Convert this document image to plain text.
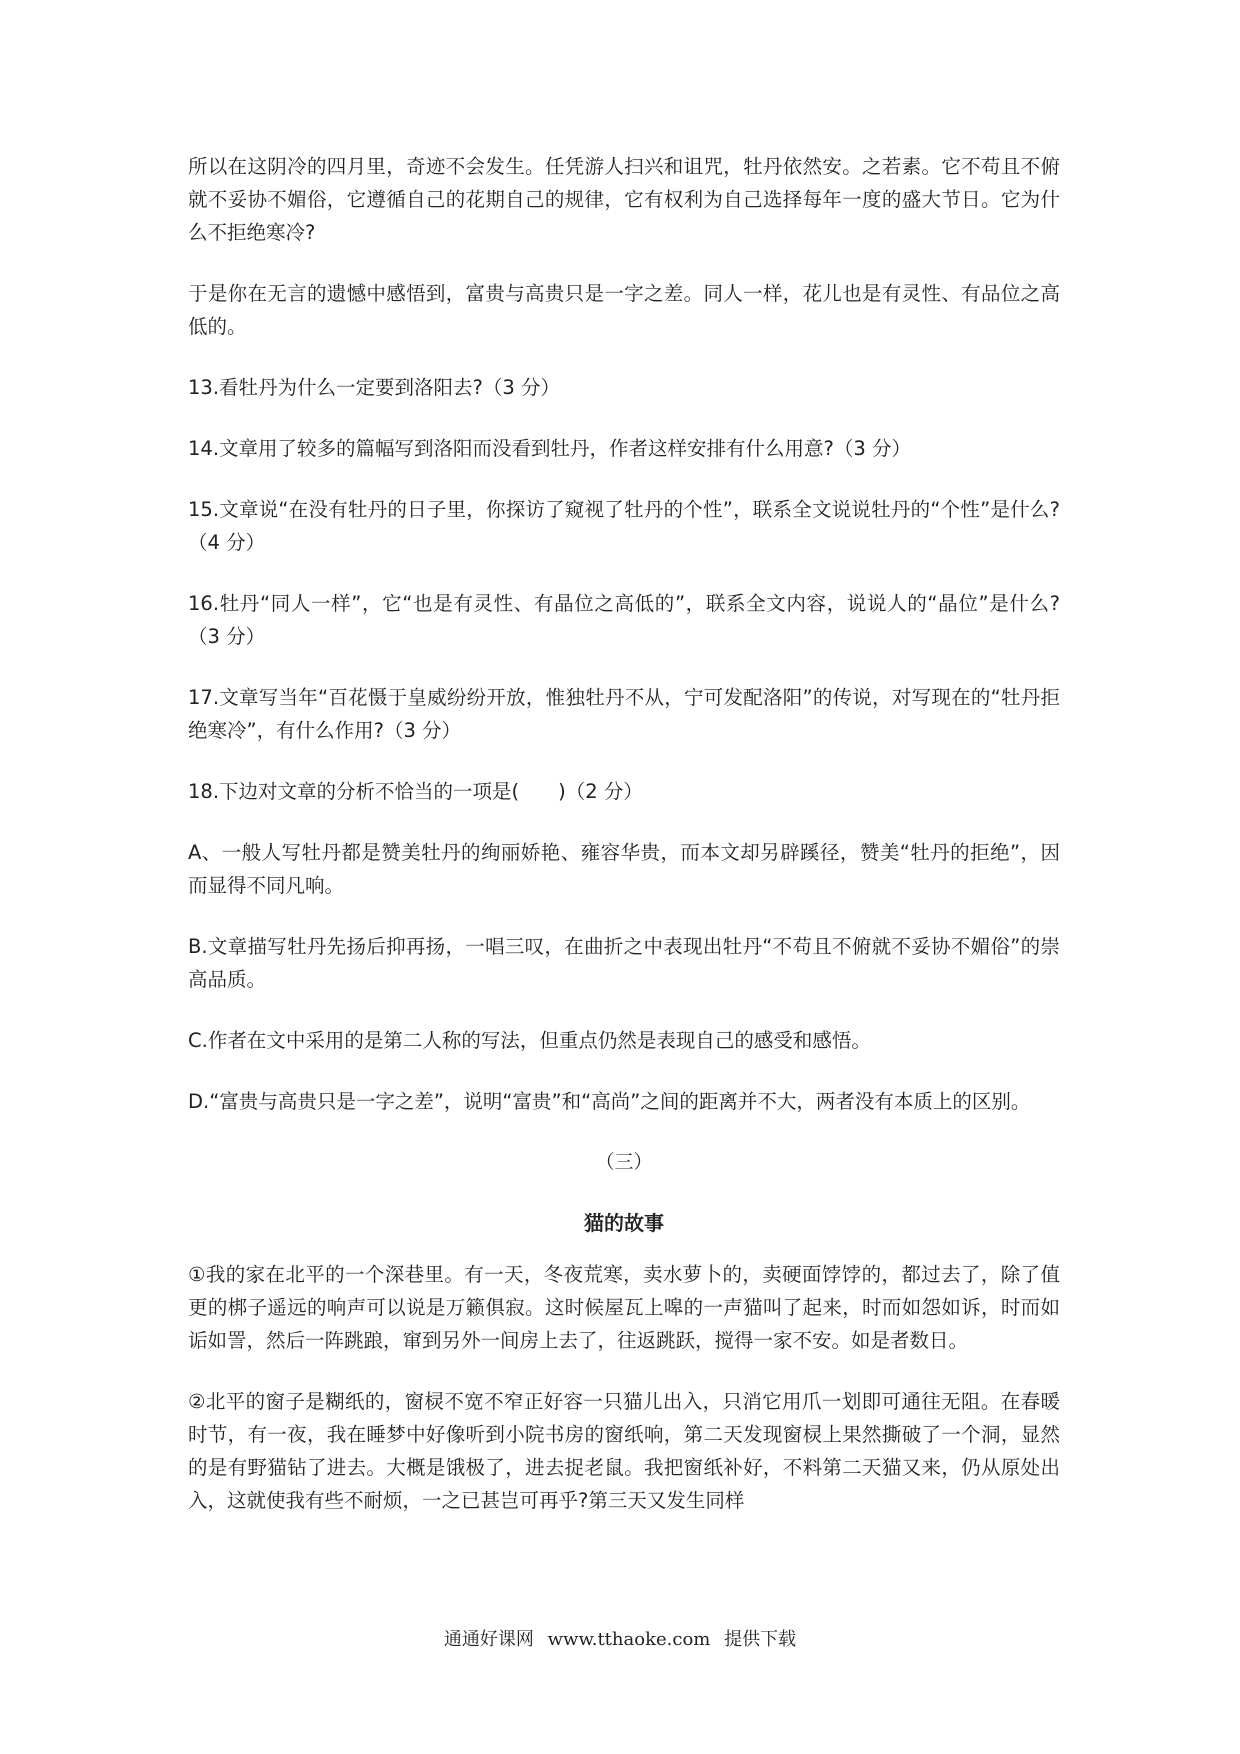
所以在这阴冷的四月里，奇迹不会发生。任凭游人扫兴和诅咒，牡丹依然安。之若素。它不苟且不俯就不妥协不媚俗，它遵循自己的花期自己的规律，它有权利为自己选择每年一度的盛大节日。它为什么不拒绝寒冷?

于是你在无言的遗憾中感悟到，富贵与高贵只是一字之差。同人一样，花儿也是有灵性、有品位之高低的。

13.看牡丹为什么一定要到洛阳去?（3 分）

14.文章用了较多的篇幅写到洛阳而没看到牡丹，作者这样安排有什么用意?（3 分）

15.文章说“在没有牡丹的日子里，你探访了窥视了牡丹的个性”，联系全文说说牡丹的“个性”是什么?（4 分）

16.牡丹“同人一样”，它“也是有灵性、有晶位之高低的”，联系全文内容，说说人的“晶位”是什么?（3 分）

17.文章写当年“百花慑于皇威纷纷开放，惟独牡丹不从，宁可发配洛阳”的传说，对写现在的“牡丹拒绝寒冷”，有什么作用?（3 分）

18.下边对文章的分析不恰当的一项是(　　)（2 分）

A、一般人写牡丹都是赞美牡丹的绚丽娇艳、雍容华贵，而本文却另辟蹊径，赞美“牡丹的拒绝”，因而显得不同凡响。

B.文章描写牡丹先扬后抑再扬，一唱三叹，在曲折之中表现出牡丹“不苟且不俯就不妥协不媚俗”的崇高品质。

C.作者在文中采用的是第二人称的写法，但重点仍然是表现自己的感受和感悟。

D.“富贵与高贵只是一字之差”，说明“富贵”和“高尚”之间的距离并不大，两者没有本质上的区别。

（三）
猫的故事

①我的家在北平的一个深巷里。有一天，冬夜荒寒，卖水萝卜的，卖硬面饽饽的，都过去了，除了值更的梆子遥远的响声可以说是万籁俱寂。这时候屋瓦上嗥的一声猫叫了起来，时而如怨如诉，时而如诟如詈，然后一阵跳踉，窜到另外一间房上去了，往返跳跃，搅得一家不安。如是者数日。

②北平的窗子是糊纸的，窗棂不宽不窄正好容一只猫儿出入，只消它用爪一划即可通往无阻。在春暖时节，有一夜，我在睡梦中好像听到小院书房的窗纸响，第二天发现窗棂上果然撕破了一个洞，显然的是有野猫钻了进去。大概是饿极了，进去捉老鼠。我把窗纸补好，不料第二天猫又来，仍从原处出入，这就使我有些不耐烦，一之已甚岂可再乎?第三天又发生同样

通通好课网 www.tthaoke.com 提供下载
